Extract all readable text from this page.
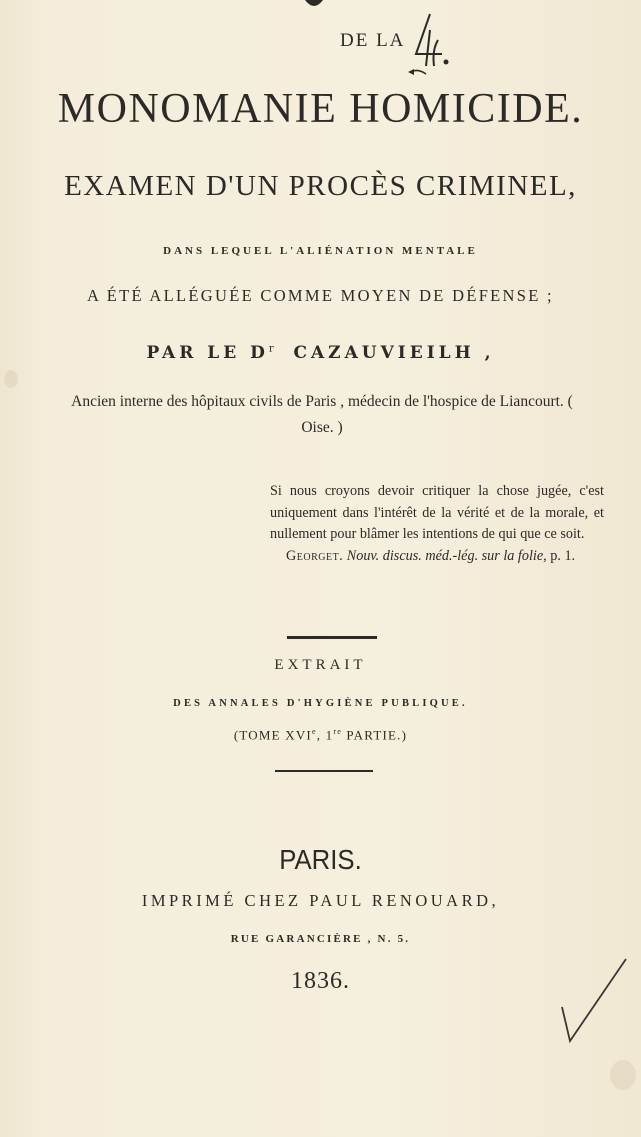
DE LA
MONOMANIE HOMICIDE.
EXAMEN D'UN PROCÈS CRIMINEL,
DANS LEQUEL L'ALIÉNATION MENTALE
A ÉTÉ ALLÉGUÉE COMME MOYEN DE DÉFENSE ;
PAR LE $D^r$ CAZAUVIEILH ,
Ancien interne des hôpitaux civils de Paris , médecin de l'hospice de Liancourt. ( Oise. )
Si nous croyons devoir critiquer la chose jugée, c'est uniquement dans l'intérêt de la vérité et de la morale, et nullement pour blâmer les intentions de qui que ce soit.
Georget. Nouv. discus. méd.-lég. sur la folie, p. 1.
EXTRAIT
DES ANNALES D'HYGIÈNE PUBLIQUE.
(TOME XVIe, 1re PARTIE.)
PARIS.
IMPRIMÉ CHEZ PAUL RENOUARD,
RUE GARANCIÈRE , N. 5.
1836.
